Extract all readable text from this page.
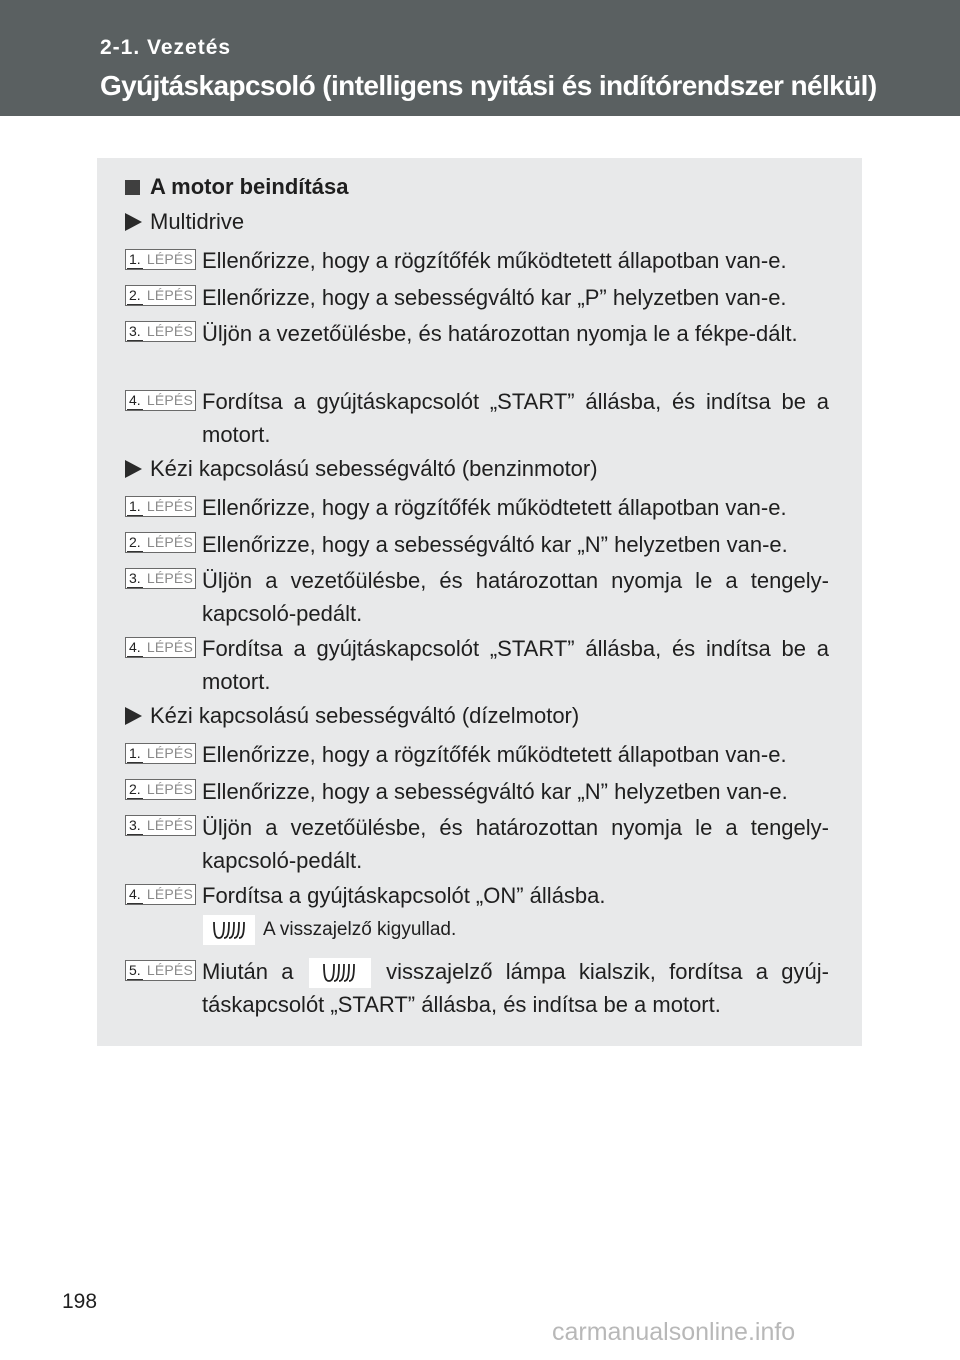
2-1. Vezetés
Gyújtáskapcsoló (intelligens nyitási és indítórendszer nélkül)
A motor beindítása
Multidrive
1. LÉPÉS Ellenőrizze, hogy a rögzítőfék működtetett állapotban van-e.

2. LÉPÉS Ellenőrizze, hogy a sebességváltó kar „P” helyzetben van-e.

3. LÉPÉS Üljön a vezetőülésbe, és határozottan nyomja le a fékpe-dált.

4. LÉPÉS Fordítsa a gyújtáskapcsolót „START” állásba, és indítsa be a motort.

Kézi kapcsolású sebességváltó (benzinmotor)
1. LÉPÉS Ellenőrizze, hogy a rögzítőfék működtetett állapotban van-e.

2. LÉPÉS Ellenőrizze, hogy a sebességváltó kar „N” helyzetben van-e.

3. LÉPÉS Üljön a vezetőülésbe, és határozottan nyomja le a tengely-kapcsoló-pedált.

4. LÉPÉS Fordítsa a gyújtáskapcsolót „START” állásba, és indítsa be a motort.

Kézi kapcsolású sebességváltó (dízelmotor)
1. LÉPÉS Ellenőrizze, hogy a rögzítőfék működtetett állapotban van-e.

2. LÉPÉS Ellenőrizze, hogy a sebességváltó kar „N” helyzetben van-e.

3. LÉPÉS Üljön a vezetőülésbe, és határozottan nyomja le a tengely-kapcsoló-pedált.

4. LÉPÉS Fordítsa a gyújtáskapcsolót „ON” állásba.

A visszajelző kigyullad.
5. LÉPÉS Miután a	visszajelző lámpa kialszik, fordítsa a gyúj-táskapcsolót „START” állásba, és indítsa be a motort.

198
carmanualsonline.info
